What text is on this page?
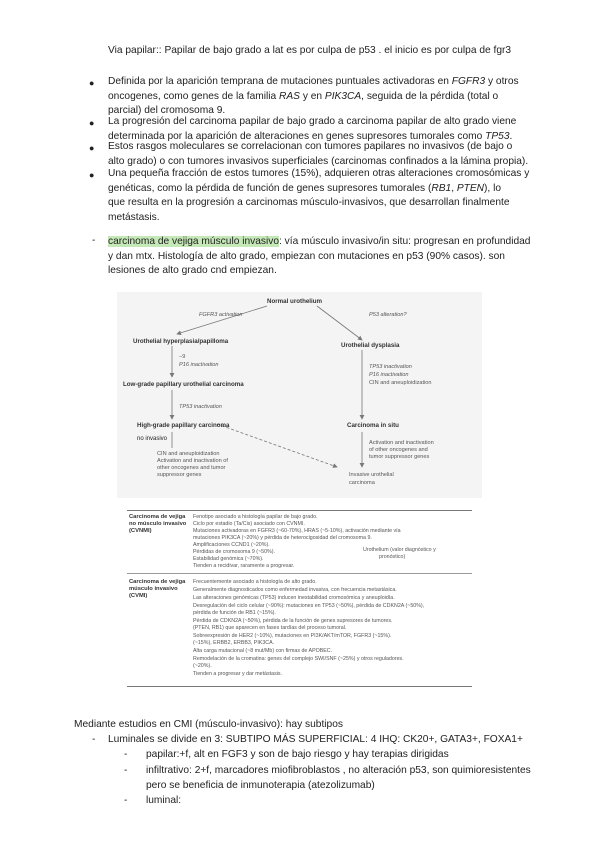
Via papilar:: Papilar de bajo grado a lat es por culpa de p53 . el inicio es por culpa de fgr3
● Definida por la aparición temprana de mutaciones puntuales activadoras en FGFR3 y otros
oncogenes, como genes de la familia RAS y en PIK3CA, seguida de la pérdida (total o
parcial) del cromosoma 9.
● La progresión del carcinoma papilar de bajo grado a carcinoma papilar de alto grado viene
determinada por la aparición de alteraciones en genes supresores tumorales como TP53.
● Estos rasgos moleculares se correlacionan con tumores papilares no invasivos (de bajo o
alto grado) o con tumores invasivos superficiales (carcinomas confinados a la lámina propia).
● Una pequeña fracción de estos tumores (15%), adquieren otras alteraciones cromosómicas y
genéticas, como la pérdida de función de genes supresores tumorales (RB1, PTEN), lo
que resulta en la progresión a carcinomas músculo-invasivos, que desarrollan finalmente
metástasis.
- carcinoma de vejiga músculo invasivo: vía músculo invasivo/in situ: progresan en profundidad
y dan mtx. Histología de alto grado, empiezan con mutaciones en p53 (90% casos). son
lesiones de alto grado cnd empiezan.
Normal urothelium
FGFR3 activation	P53 alteration?
Urothelial hyperplasia/papilloma
−9
P16 inactivation
Urothelial dysplasia
TP53 inactivation
P16 inactivation
CIN and aneuploidization
Low-grade papillary urothelial carcinoma
TP53 inactivation
High-grade papillary carcinoma
no invasivo
Carcinoma in situ
CIN and aneuploidization
Activation and inactivation of
other oncogenes and tumor
suppressor genes
Activation and inactivation
of other oncogenes and
tumor suppressor genes
Invasive urothelial
carcinoma
Carcinoma de vejiga
no músculo invasivo
(CVNMI)
Fenotipo asociado a histología papilar de bajo grado.
Ciclo por estadio (Ta/Cis) asociado con CVNMI.
Mutaciones activadoras en FGFR3 (~60-70%), HRAS (~5-10%), activación mediante vía
mutaciones PIK3CA (~20%) y pérdida de heterocigosidad del cromosoma 9.
Amplificaciones CCND1 (~20%).
Pérdidas de cromosoma 9 (~50%).
Estabilidad genómica (~70%).
Tienden a recidivar, raramente a progresar.
Urothelium (valor diagnóstico y
pronóstico)
Carcinoma de vejiga
músculo invasivo
(CVMI)
Frecuentemente asociado a histología de alto grado.
Generalmente diagnosticados como enfermedad invasiva, con frecuencia metastásica.
Las alteraciones genómicas (TP53) inducen inestabilidad cromosómica y aneuploidía.
Desregulación del ciclo celular (~90%): mutaciones en TP53 (~50%), pérdida de CDKN2A (~50%),
pérdida de función de RB1 (~15%).
Pérdida de CDKN2A (~50%), pérdida de la función de genes supresores de tumores.
(PTEN, RB1) que aparecen en fases tardías del proceso tumoral.
Sobreexpresión de HER2 (~10%), mutaciones en PI3K/AKT/mTOR, FGFR3 (~15%).
(~15%), ERBB2, ERBB3, PIK3CA.
Alta carga mutacional (~8 mut/Mb) con firmas de APOBEC.
Remodelación de la cromatina: genes del complejo SWI/SNF (~25%) y otros reguladores.
(~20%).
Tienden a progresar y dar metástasis.
Mediante estudios en CMI (músculo-invasivo): hay subtipos
- Luminales se divide en 3: SUBTIPO MÁS SUPERFICIAL: 4 IHQ: CK20+, GATA3+, FOXA1+
- papilar:+f, alt en FGF3 y son de bajo riesgo y hay terapias dirigidas
- infiltrativo: 2+f, marcadores miofibroblastos , no alteración p53, son quimioresistentes
pero se beneficia de inmunoterapia (atezolizumab)
- luminal:
